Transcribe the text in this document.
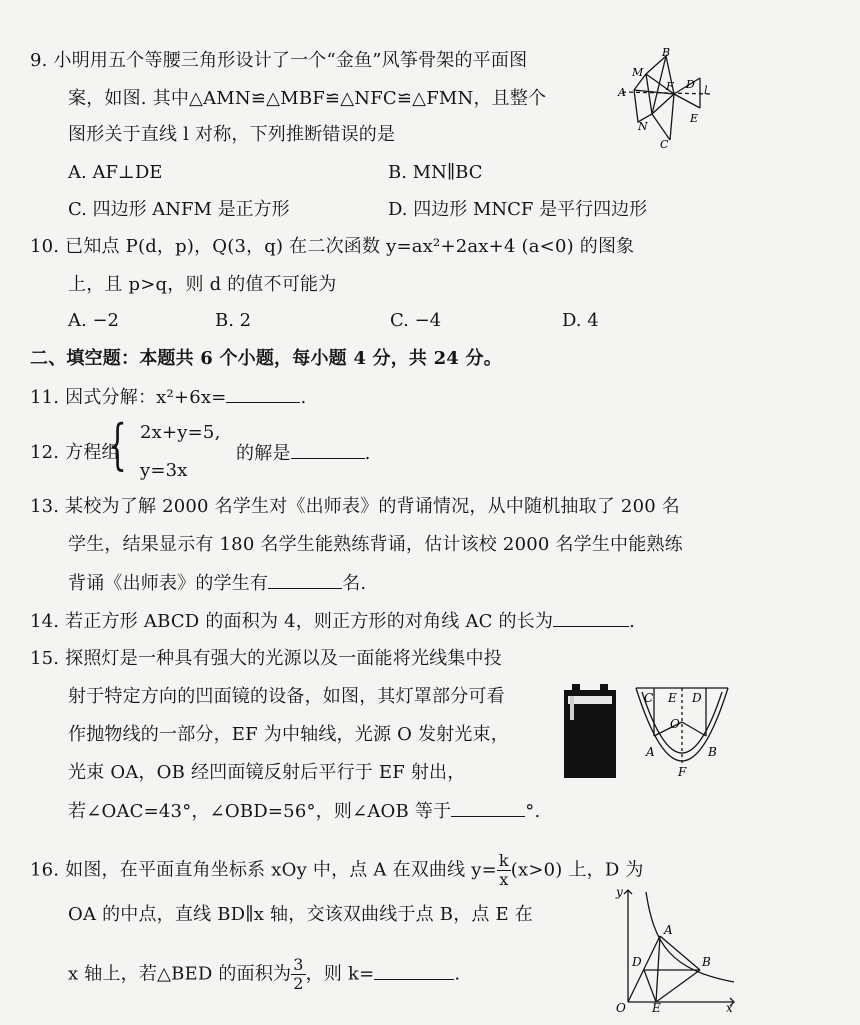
9. 小明用五个等腰三角形设计了一个“金鱼”风筝骨架的平面图
案，如图. 其中△AMN≌△MBF≌△NFC≌△FMN，且整个
图形关于直线 l 对称，下列推断错误的是
A. AF⊥DE	B. MN∥BC
C. 四边形 ANFM 是正方形	D. 四边形 MNCF 是平行四边形
B
M
A	F D l
E
N
C
10. 已知点 P(d，p)，Q(3，q) 在二次函数 y=ax²+2ax+4 (a<0) 的图象
上，且 p>q，则 d 的值不可能为
A. −2	B. 2	C. −4	D. 4
二、填空题：本题共 6 个小题，每小题 4 分，共 24 分。
11. 因式分解：x²+6x=	.
12. 方程组
{ 2x+y=5,
y=3x
的解是	.
13. 某校为了解 2000 名学生对《出师表》的背诵情况，从中随机抽取了 200 名
学生，结果显示有 180 名学生能熟练背诵，估计该校 2000 名学生中能熟练
背诵《出师表》的学生有	名.
14. 若正方形 ABCD 的面积为 4，则正方形的对角线 AC 的长为	.
15. 探照灯是一种具有强大的光源以及一面能将光线集中投
射于特定方向的凹面镜的设备，如图，其灯罩部分可看
作抛物线的一部分，EF 为中轴线，光源 O 发射光束，
光束 OA，OB 经凹面镜反射后平行于 EF 射出，
若∠OAC=43°，∠OBD=56°，则∠AOB 等于	°.
C E D
O
A	B
F
16. 如图，在平面直角坐标系 xOy 中，点 A 在双曲线 $y= \frac{k}{x} (x>0)$ 上，D 为
OA 的中点，直线 BD∥x 轴，交该双曲线于点 B，点 E 在
x 轴上，若△BED 的面积为 $\frac{3}{2}$ ，则 k=	.
y
A
D	B
O E	x
